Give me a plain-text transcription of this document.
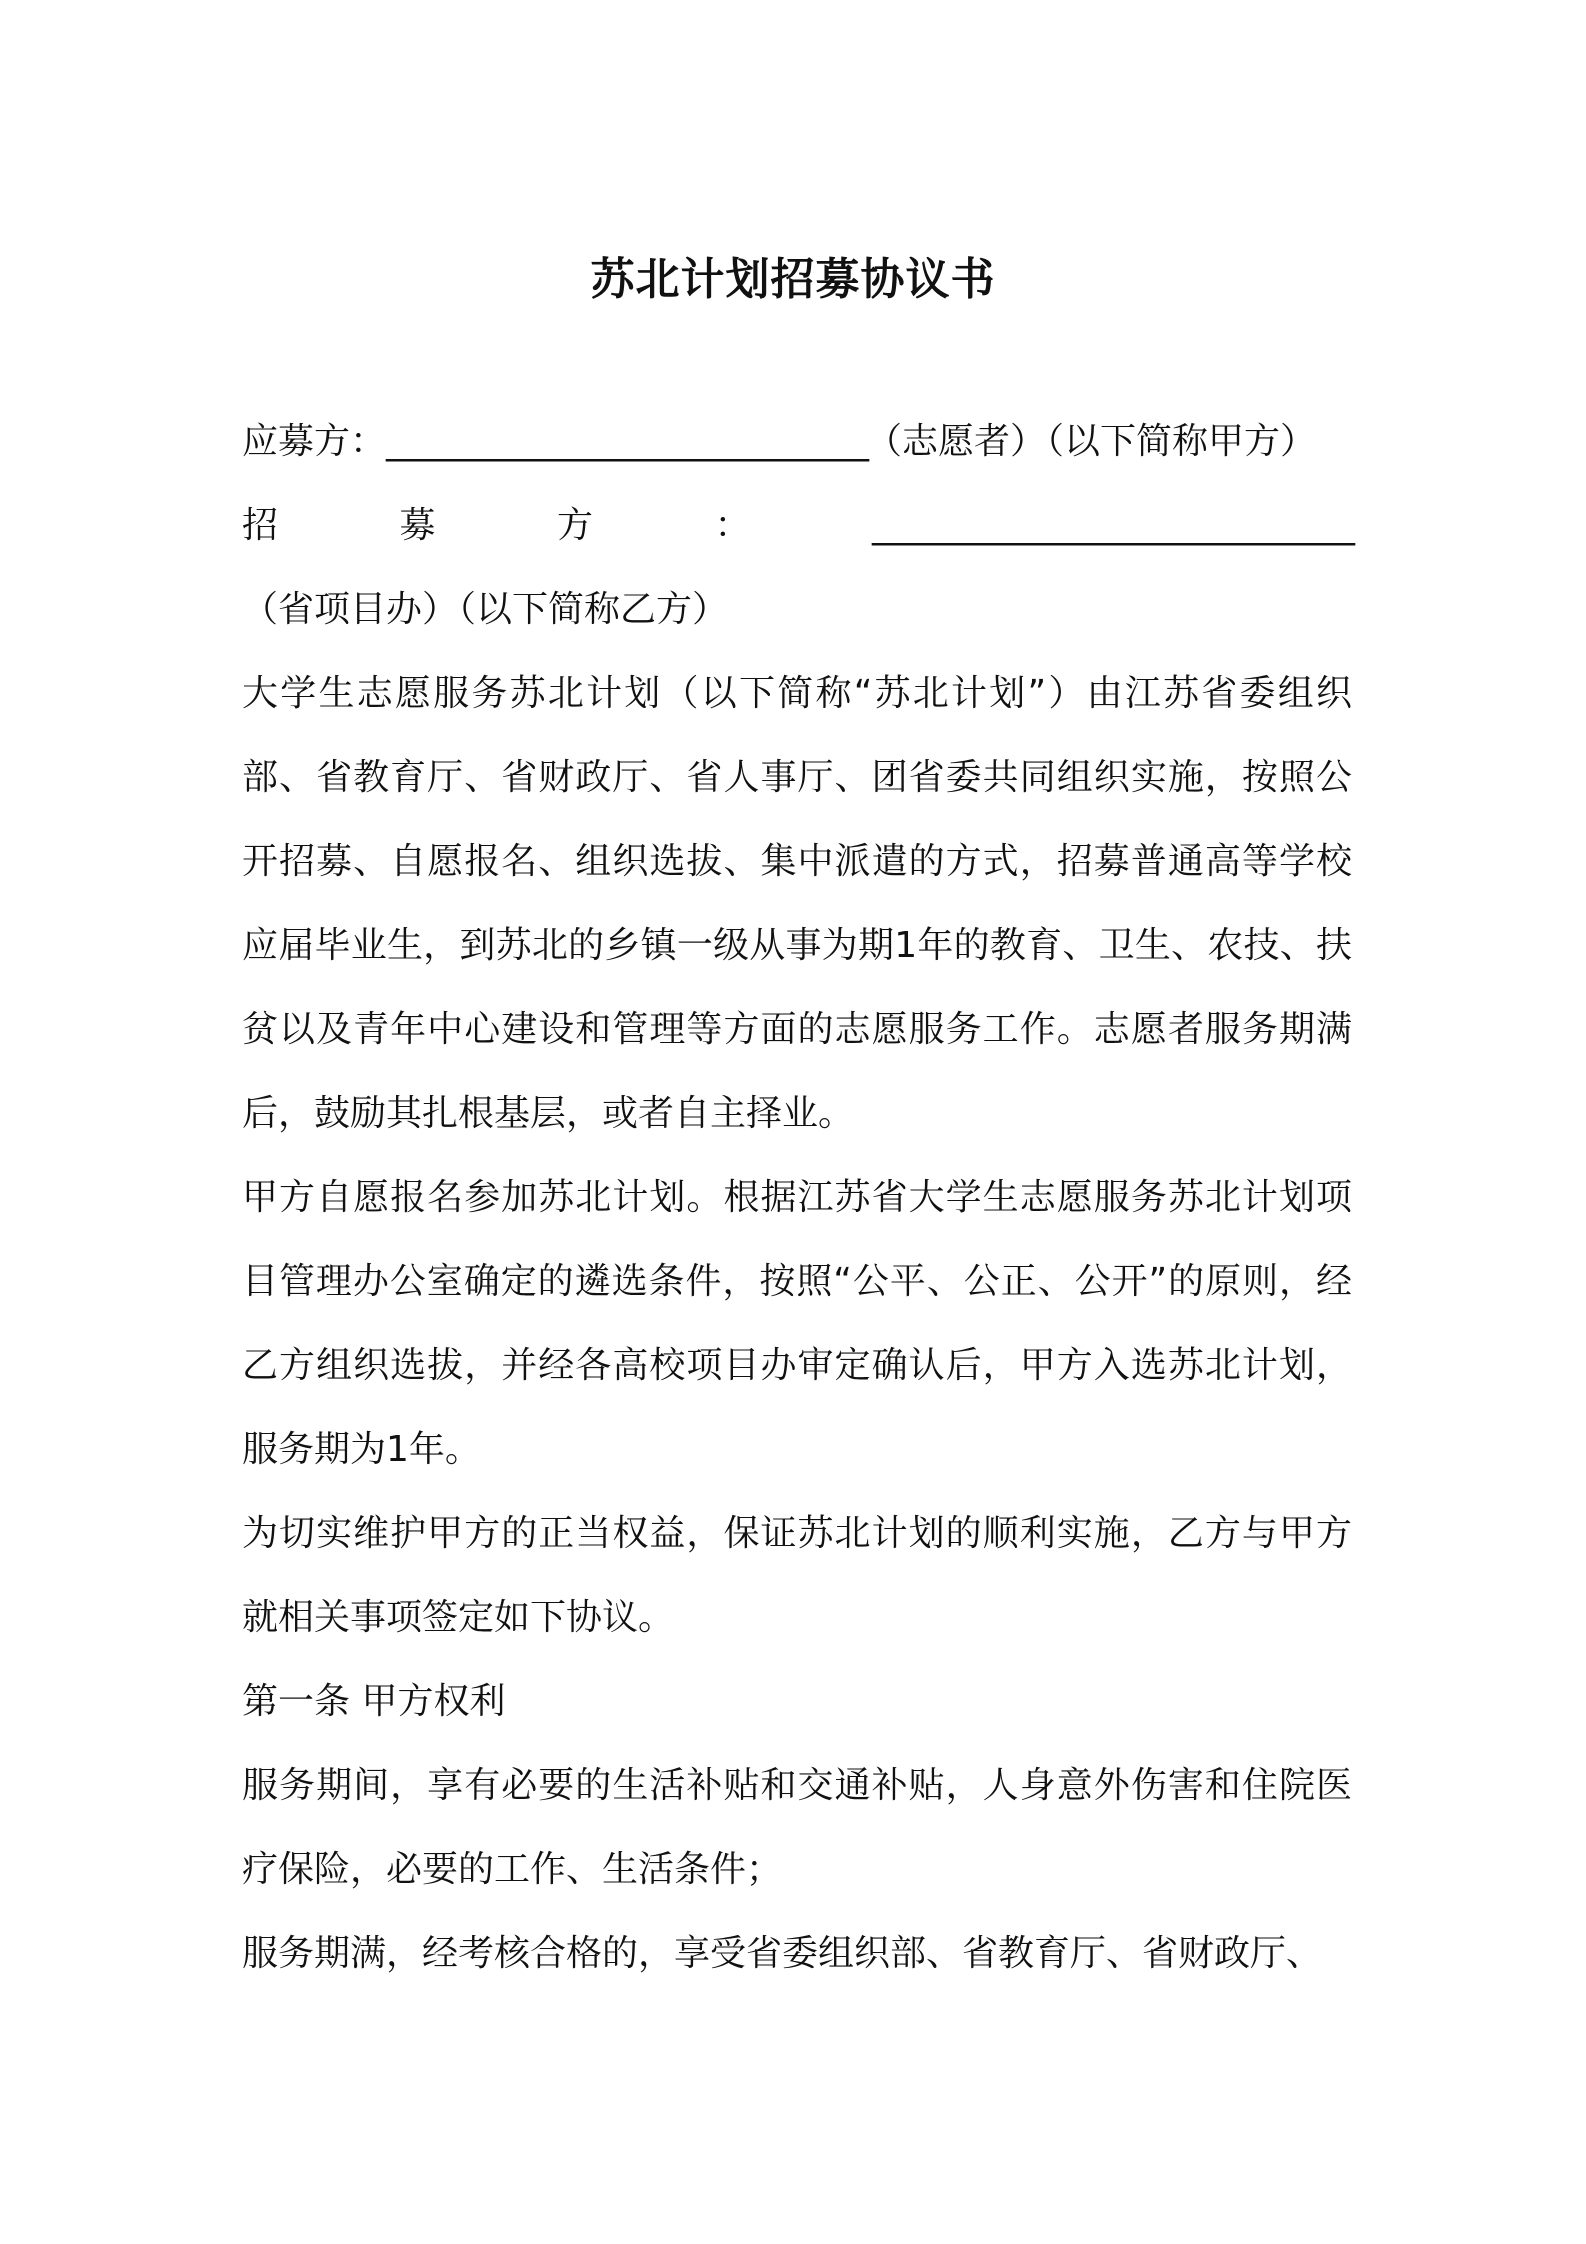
苏北计划招募协议书

应募方：________________________________（志愿者）（以下简称甲方）

招募方：________________________________（省项目办）（以下简称乙方）

大学生志愿服务苏北计划（以下简称“苏北计划”）由江苏省委组织部、省教育厅、省财政厅、省人事厅、团省委共同组织实施，按照公开招募、自愿报名、组织选拔、集中派遣的方式，招募普通高等学校应届毕业生，到苏北的乡镇一级从事为期1年的教育、卫生、农技、扶贫以及青年中心建设和管理等方面的志愿服务工作。志愿者服务期满后，鼓励其扎根基层，或者自主择业。

甲方自愿报名参加苏北计划。根据江苏省大学生志愿服务苏北计划项目管理办公室确定的遴选条件，按照“公平、公正、公开”的原则，经乙方组织选拔，并经各高校项目办审定确认后，甲方入选苏北计划，服务期为1年。

为切实维护甲方的正当权益，保证苏北计划的顺利实施，乙方与甲方就相关事项签定如下协议。

第一条 甲方权利

服务期间，享有必要的生活补贴和交通补贴，人身意外伤害和住院医疗保险，必要的工作、生活条件；

服务期满，经考核合格的，享受省委组织部、省教育厅、省财政厅、
